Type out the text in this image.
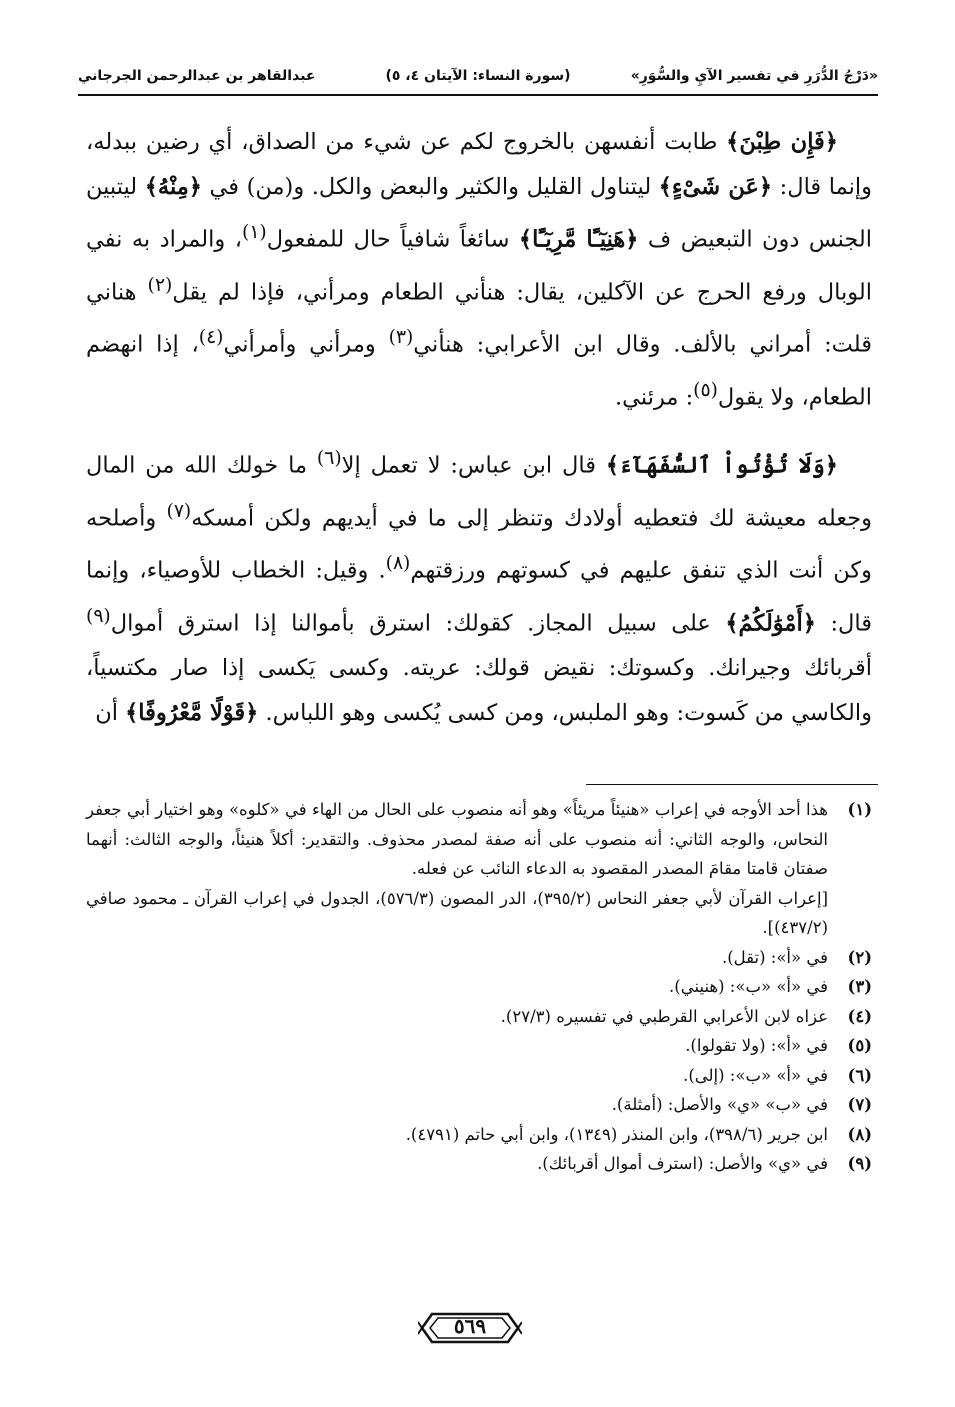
«دَرْجُ الدُّرَرِ في تفسير الآيِ والسُّوَرِ»
(سورة النساء: الآيتان ٤، ٥)
عبدالقاهر بن عبدالرحمن الجرجاني

﴿فَإِن طِبْنَ﴾ طابت أنفسهن بالخروج لكم عن شيء من الصداق، أي رضين ببدله، وإنما قال: ﴿عَن شَىْءٍ﴾ ليتناول القليل والكثير والبعض والكل. و(من) في ﴿مِنْهُ﴾ ليتبين الجنس دون التبعيض ف ﴿هَنِيٓـًٔا مَّرِيٓـًٔا﴾ سائغاً شافياً حال للمفعول$^{(١)}$، والمراد به نفي الوبال ورفع الحرج عن الآكلين، يقال: هنأني الطعام ومرأني، فإذا لم يقل$^{(٢)}$ هناني قلت: أمراني بالألف. وقال ابن الأعرابي: هنأني$^{(٣)}$ ومرأني وأمرأني$^{(٤)}$، إذا انهضم الطعام، ولا يقول$^{(٥)}$: مرئني.

﴿وَلَا تُؤْتُواْ ٱلسُّفَهَآءَ﴾ قال ابن عباس: لا تعمل إلا$^{(٦)}$ ما خولك الله من المال وجعله معيشة لك فتعطيه أولادك وتنظر إلى ما في أيديهم ولكن أمسكه$^{(٧)}$ وأصلحه وكن أنت الذي تنفق عليهم في كسوتهم ورزقتهم$^{(٨)}$. وقيل: الخطاب للأوصياء، وإنما قال: ﴿أَمْوَٰلَكُمُ﴾ على سبيل المجاز. كقولك: استرق بأموالنا إذا استرق أموال$^{(٩)}$ أقربائك وجيرانك. وكسوتك: نقيض قولك: عريته. وكسى يَكسى إذا صار مكتسياً، والكاسي من كَسوت: وهو الملبس، ومن كسى يُكسى وهو اللباس. ﴿قَوْلًا مَّعْرُوفًا﴾ أن

(١)
هذا أحد الأوجه في إعراب «هنيئاً مريئاً» وهو أنه منصوب على الحال من الهاء في «كلوه» وهو اختيار أبي جعفر النحاس، والوجه الثاني: أنه منصوب على أنه صفة لمصدر محذوف. والتقدير: أكلاً هنيئاً، والوجه الثالث: أنهما صفتان قامتا مقامَ المصدر المقصود به الدعاء النائب عن فعله.
[إعراب القرآن لأبي جعفر النحاس (٣٩٥/٢)، الدر المصون (٥٧٦/٣)، الجدول في إعراب القرآن ـ محمود صافي (٤٣٧/٢)].
(٢)
في «أ»: (تقل).
(٣)
في «أ» «ب»: (هنيني).
(٤)
عزاه لابن الأعرابي القرطبي في تفسيره (٢٧/٣).
(٥)
في «أ»: (ولا تقولوا).
(٦)
في «أ» «ب»: (إلى).
(٧)
في «ب» «ي» والأصل: (أمثلة).
(٨)
ابن جرير (٣٩٨/٦)، وابن المنذر (١٣٤٩)، وابن أبي حاتم (٤٧٩١).
(٩)
في «ي» والأصل: (استرف أموال أقربائك).
٥٦٩
